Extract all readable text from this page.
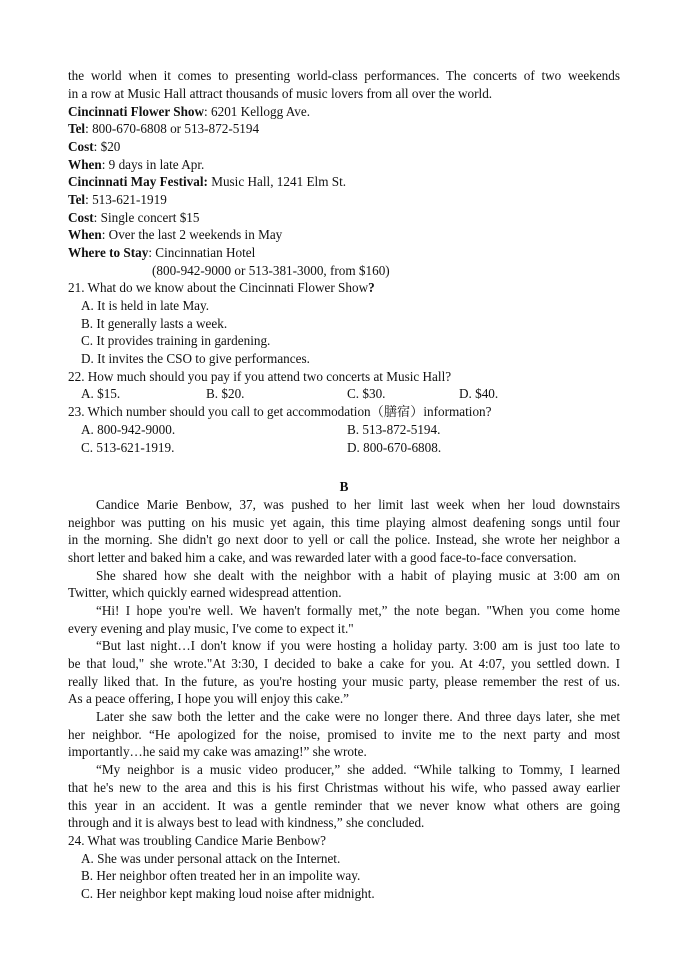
the world when it comes to presenting world-class performances. The concerts of two weekends
in a row at Music Hall attract thousands of music lovers from all over the world.
Cincinnati Flower Show: 6201 Kellogg Ave.
Tel: 800-670-6808 or 513-872-5194
Cost: $20
When: 9 days in late Apr.
Cincinnati May Festival: Music Hall, 1241 Elm St.
Tel: 513-621-1919
Cost: Single concert $15
When: Over the last 2 weekends in May
Where to Stay: Cincinnatian Hotel
(800-942-9000 or 513-381-3000, from $160)
21. What do we know about the Cincinnati Flower Show?
A. It is held in late May.
B. It generally lasts a week.
C. It provides training in gardening.
D. It invites the CSO to give performances.
22. How much should you pay if you attend two concerts at Music Hall?
A. $15.	B. $20.	C. $30.	D. $40.
23. Which number should you call to get accommodation（膳宿）information?
A. 800-942-9000.	B. 513-872-5194.
C. 513-621-1919.	D. 800-670-6808.
B
Candice Marie Benbow, 37, was pushed to her limit last week when her loud downstairs
neighbor was putting on his music yet again, this time playing almost deafening songs until four
in the morning. She didn't go next door to yell or call the police. Instead, she wrote her neighbor a
short letter and baked him a cake, and was rewarded later with a good face-to-face conversation.
She shared how she dealt with the neighbor with a habit of playing music at 3:00 am on
Twitter, which quickly earned widespread attention.
“Hi! I hope you're well. We haven't formally met,” the note began. "When you come home
every evening and play music, I've come to expect it."
“But last night…I don't know if you were hosting a holiday party. 3:00 am is just too late to
be that loud," she wrote."At 3:30, I decided to bake a cake for you. At 4:07, you settled down. I
really liked that. In the future, as you're hosting your music party, please remember the rest of us.
As a peace offering, I hope you will enjoy this cake.”
Later she saw both the letter and the cake were no longer there. And three days later, she met
her neighbor. “He apologized for the noise, promised to invite me to the next party and most
importantly…he said my cake was amazing!” she wrote.
“My neighbor is a music video producer,” she added. “While talking to Tommy, I learned
that he's new to the area and this is his first Christmas without his wife, who passed away earlier
this year in an accident. It was a gentle reminder that we never know what others are going
through and it is always best to lead with kindness,” she concluded.
24. What was troubling Candice Marie Benbow?
A. She was under personal attack on the Internet.
B. Her neighbor often treated her in an impolite way.
C. Her neighbor kept making loud noise after midnight.
